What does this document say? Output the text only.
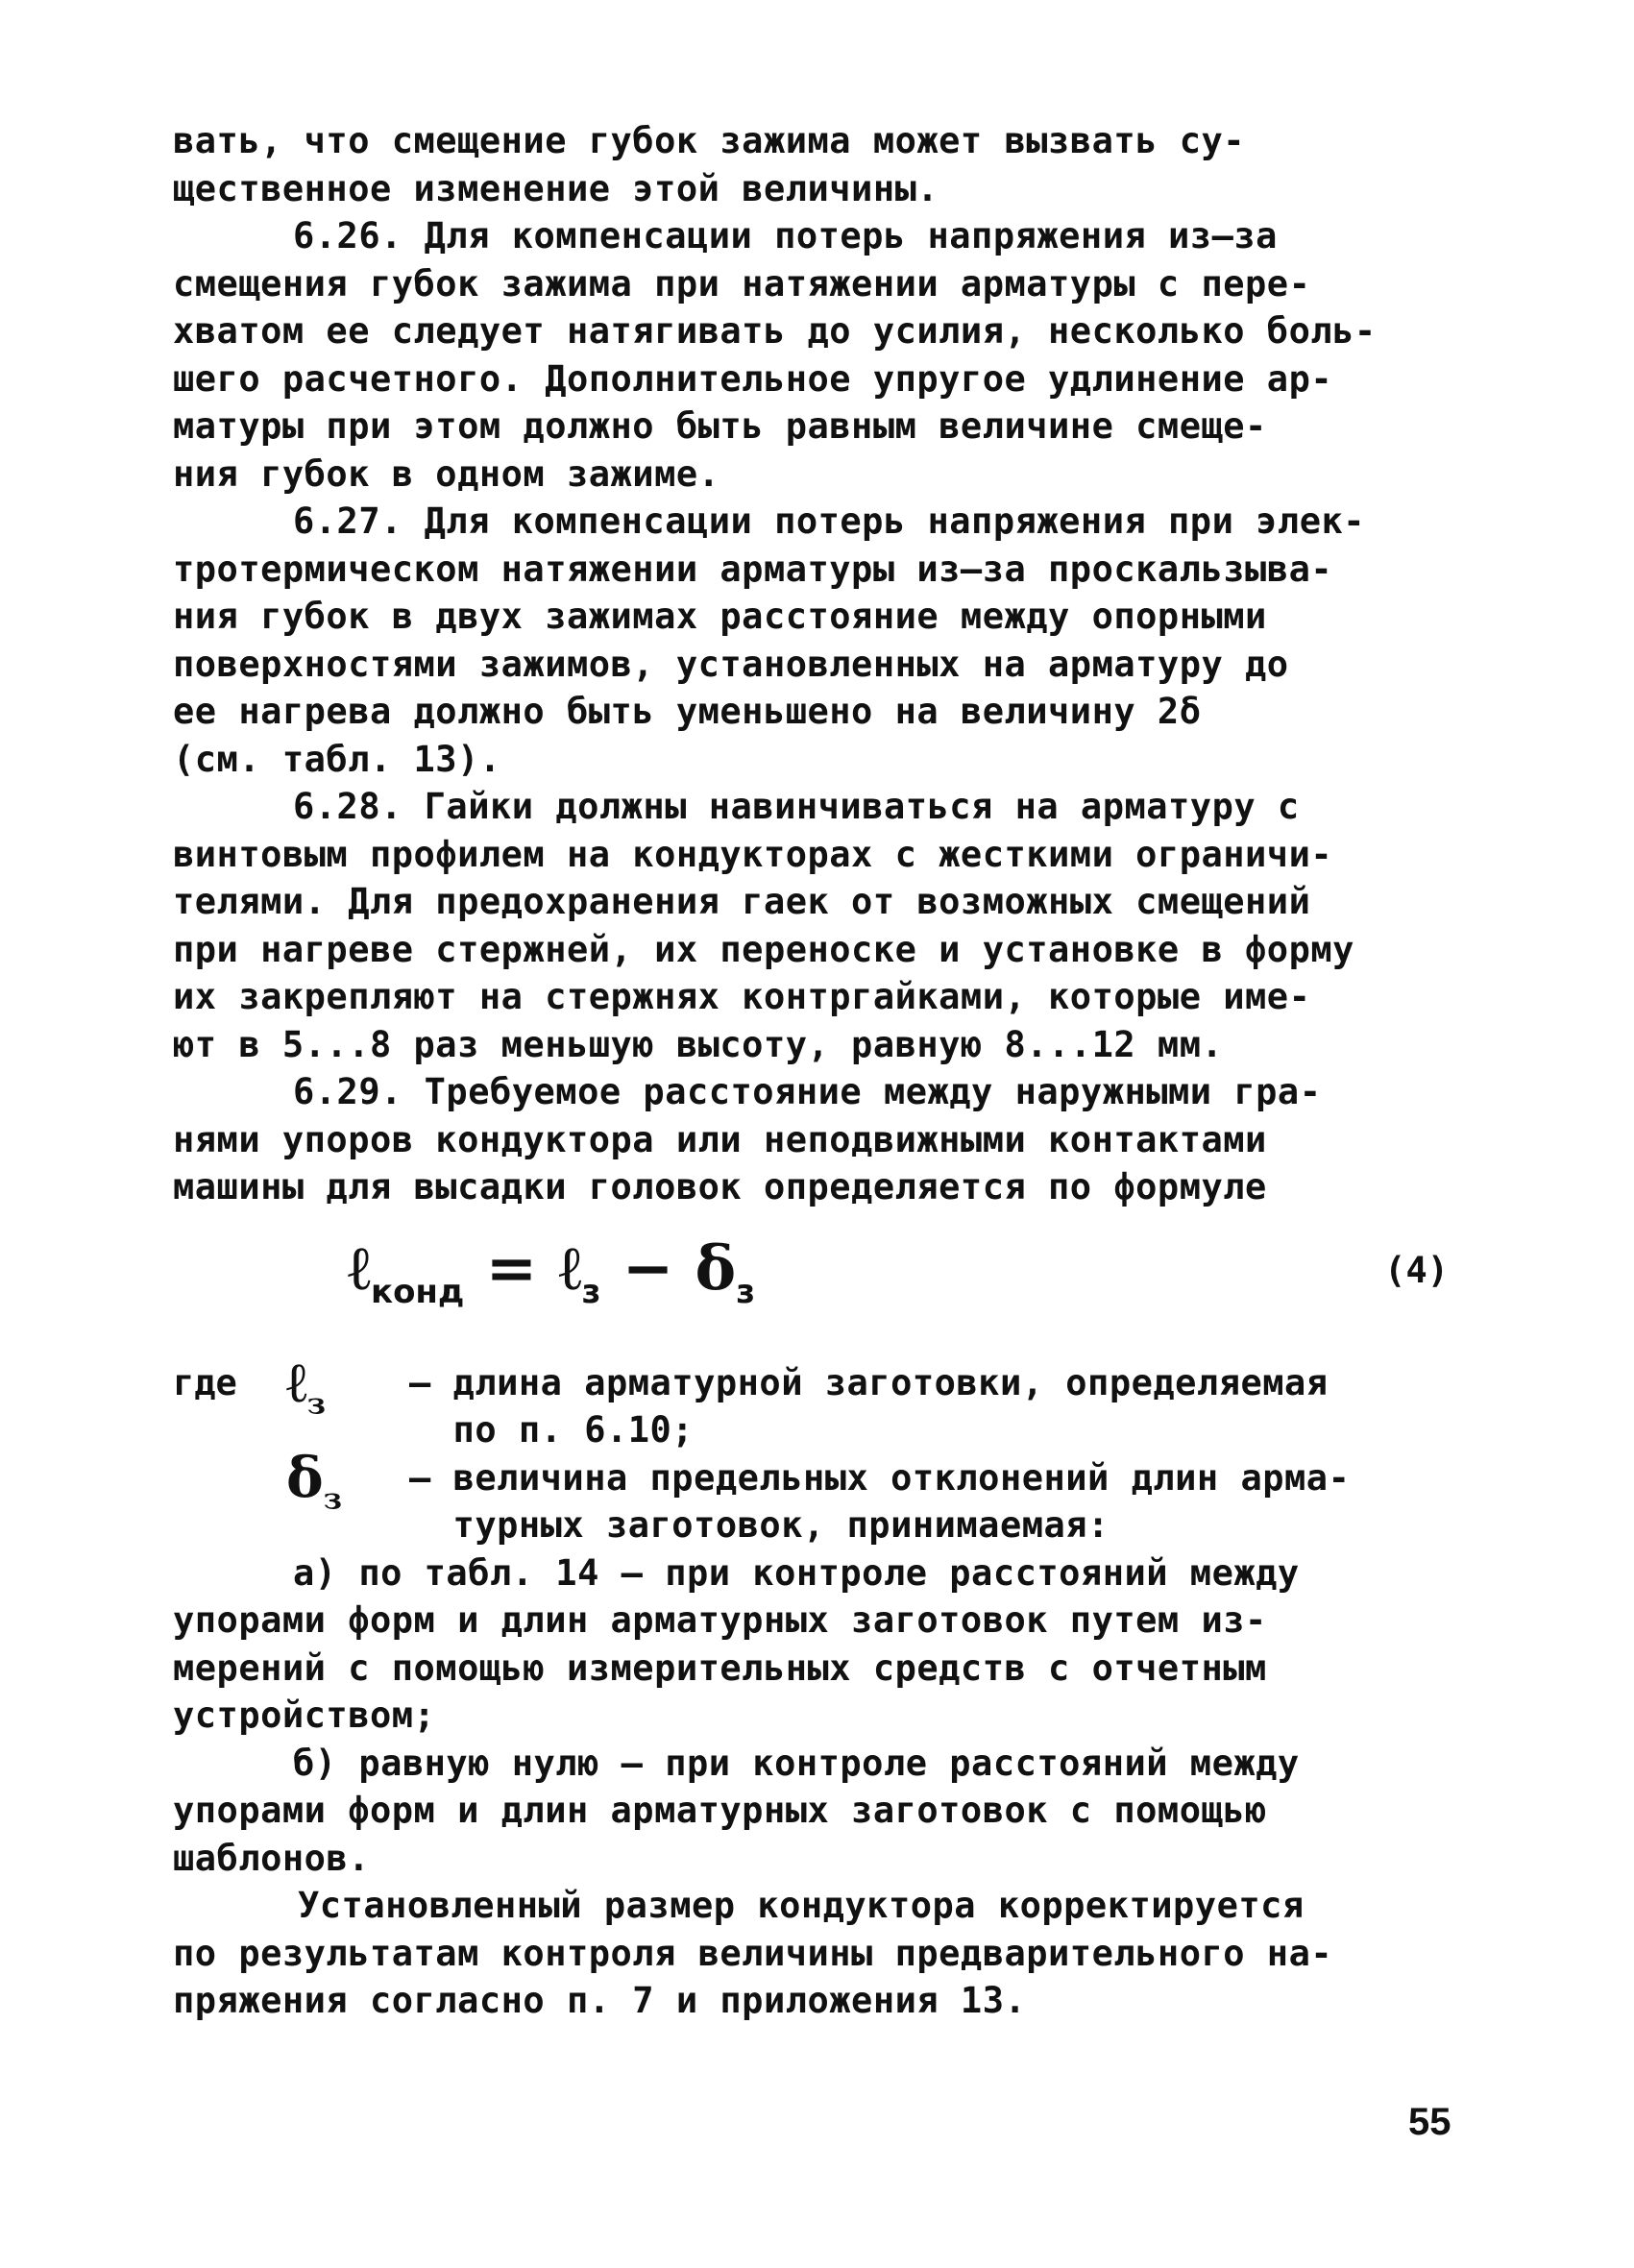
вать, что смещение губок зажима может вызвать су-
щественное изменение этой величины.

6.26. Для компенсации потерь напряжения из–за
смещения губок зажима при натяжении арматуры с пере-
хватом ее следует натягивать до усилия, несколько боль-
шего расчетного. Дополнительное упругое удлинение ар-
матуры при этом должно быть равным величине смеще-
ния губок в одном зажиме.

6.27. Для компенсации потерь напряжения при элек-
тротермическом натяжении арматуры из–за проскальзыва-
ния губок в двух зажимах расстояние между опорными
поверхностями зажимов, установленных на арматуру до
ее нагрева должно быть уменьшено на величину 2δ
(см. табл. 13).

6.28. Гайки должны навинчиваться на арматуру с
винтовым профилем на кондукторах с жесткими ограничи-
телями. Для предохранения гаек от возможных смещений
при нагреве стержней, их переноске и установке в форму
их закрепляют на стержнях контргайками, которые име-
ют в 5...8 раз меньшую высоту, равную 8...12 мм.

6.29. Требуемое расстояние между наружными гра-
нями упоров кондуктора или неподвижными контактами
машины для высадки головок определяется по формуле

ℓ$_{конд}$ = ℓ$_з$ − $\delta_з$
(4)
где ℓ$_з$

– длина арматурной заготовки, определяемая
по п. 6.10;

$\delta_з$

– величина предельных отклонений длин арма-
турных заготовок, принимаемая:

а) по табл. 14 – при контроле расстояний между
упорами форм и длин арматурных заготовок путем из-
мерений с помощью измерительных средств с отчетным
устройством;

б) равную нулю – при контроле расстояний между
упорами форм и длин арматурных заготовок с помощью
шаблонов.

Установленный размер кондуктора корректируется
по результатам контроля величины предварительного на-
пряжения согласно п. 7 и приложения 13.

55
